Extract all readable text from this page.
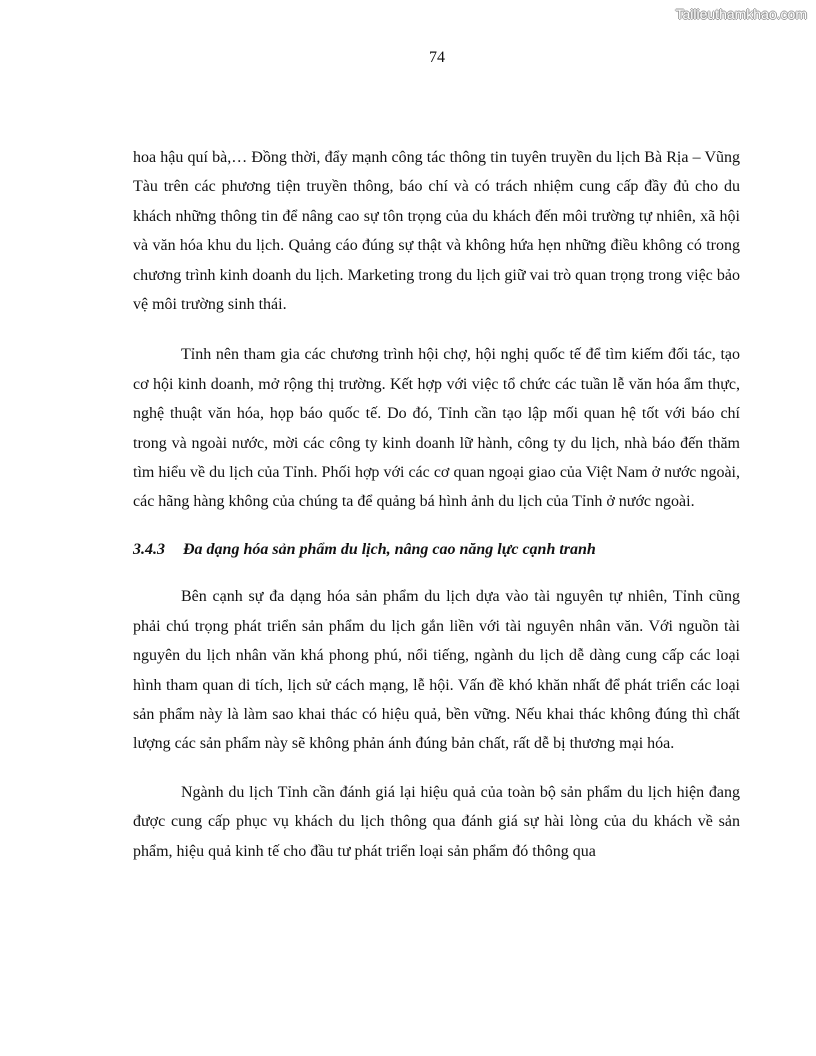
Tailieuthamkhao.com
74

hoa hậu quí bà,… Đồng thời, đẩy mạnh công tác thông tin tuyên truyền du lịch Bà Rịa – Vũng Tàu trên các phương tiện truyền thông, báo chí và có trách nhiệm cung cấp đầy đủ cho du khách những thông tin để nâng cao sự tôn trọng của du khách đến môi trường tự nhiên, xã hội và văn hóa khu du lịch. Quảng cáo đúng sự thật và không hứa hẹn những điều không có trong chương trình kinh doanh du lịch. Marketing trong du lịch giữ vai trò quan trọng trong việc bảo vệ môi trường sinh thái.

Tỉnh nên tham gia các chương trình hội chợ, hội nghị quốc tế để tìm kiếm đối tác, tạo cơ hội kinh doanh, mở rộng thị trường. Kết hợp với việc tổ chức các tuần lễ văn hóa ẩm thực, nghệ thuật văn hóa, họp báo quốc tế. Do đó, Tỉnh cần tạo lập mối quan hệ tốt với báo chí trong và ngoài nước, mời các công ty kinh doanh lữ hành, công ty du lịch, nhà báo đến thăm tìm hiểu về du lịch của Tỉnh. Phối hợp với các cơ quan ngoại giao của Việt Nam ở nước ngoài, các hãng hàng không của chúng ta để quảng bá hình ảnh du lịch của Tỉnh ở nước ngoài.

3.4.3 Đa dạng hóa sản phẩm du lịch, nâng cao năng lực cạnh tranh

Bên cạnh sự đa dạng hóa sản phẩm du lịch dựa vào tài nguyên tự nhiên, Tỉnh cũng phải chú trọng phát triển sản phẩm du lịch gắn liền với tài nguyên nhân văn. Với nguồn tài nguyên du lịch nhân văn khá phong phú, nổi tiếng, ngành du lịch dễ dàng cung cấp các loại hình tham quan di tích, lịch sử cách mạng, lễ hội. Vấn đề khó khăn nhất để phát triển các loại sản phẩm này là làm sao khai thác có hiệu quả, bền vững. Nếu khai thác không đúng thì chất lượng các sản phẩm này sẽ không phản ánh đúng bản chất, rất dễ bị thương mại hóa.

Ngành du lịch Tỉnh cần đánh giá lại hiệu quả của toàn bộ sản phẩm du lịch hiện đang được cung cấp phục vụ khách du lịch thông qua đánh giá sự hài lòng của du khách về sản phẩm, hiệu quả kinh tế cho đầu tư phát triển loại sản phẩm đó thông qua
